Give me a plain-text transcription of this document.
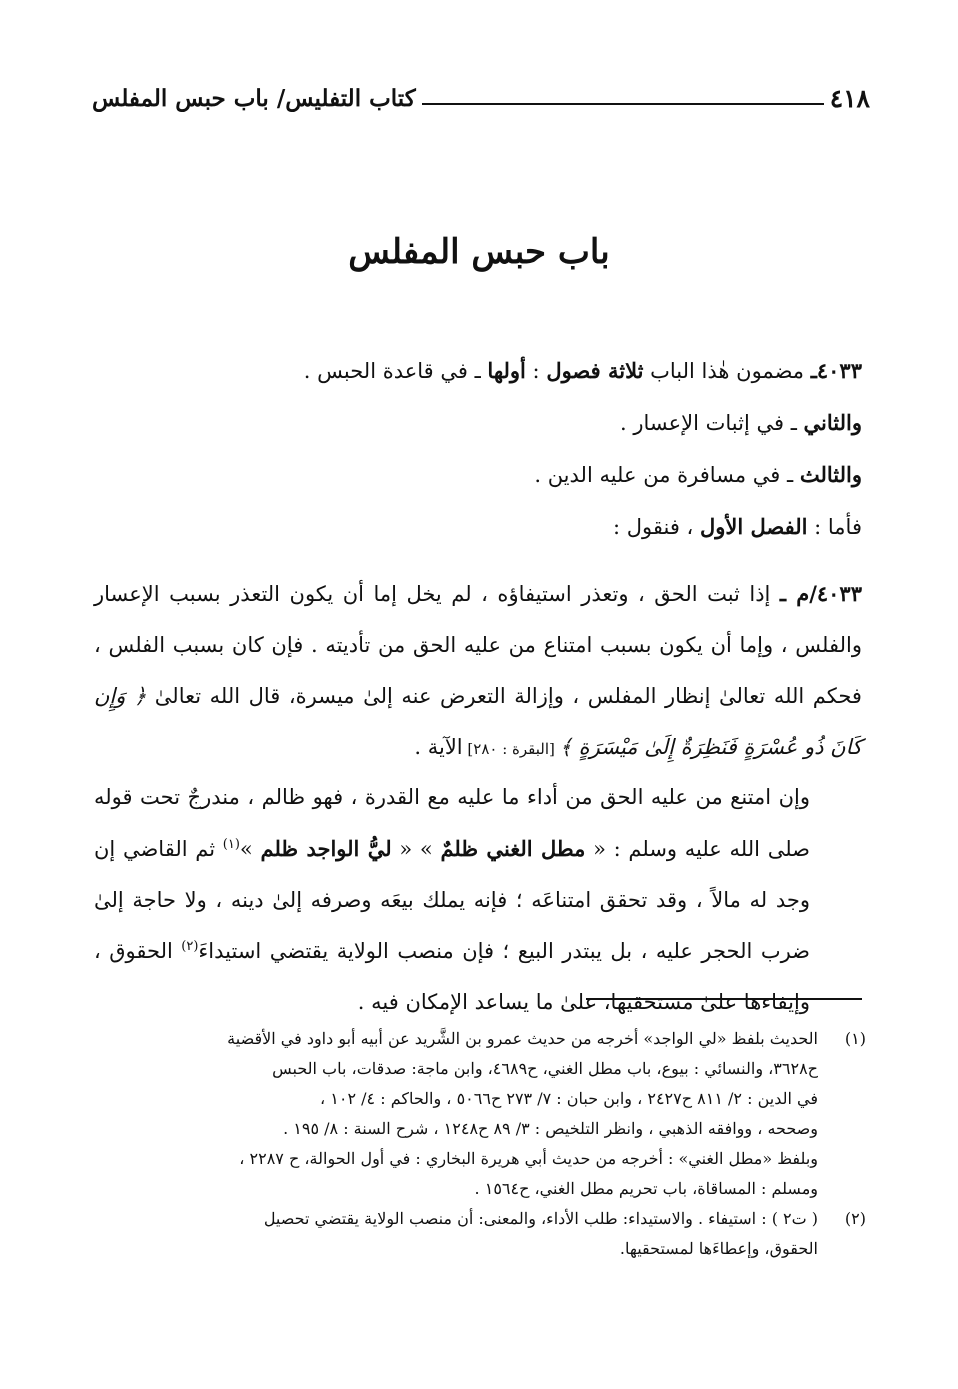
٤١٨
كتاب التفليس/ باب حبس المفلس
باب حبس المفلس

٤٠٣٣ـ مضمون هٰذا الباب ثلاثة فصول : أولها ـ في قاعدة الحبس .

والثاني ـ في إثبات الإعسار .

والثالث ـ في مسافرة من عليه الدين .

فأما : الفصل الأول ، فنقول :

٤٠٣٣/م ـ إذا ثبت الحق ، وتعذر استيفاؤه ، لم يخل إما أن يكون التعذر بسبب الإعسار والفلس ، وإما أن يكون بسبب امتناع من عليه الحق من تأديته . فإن كان بسبب الفلس ، فحكم الله تعالىٰ إنظار المفلس ، وإزالة التعرض عنه إلىٰ ميسرة، قال الله تعالىٰ ﴿ وَإِن كَانَ ذُو عُسْرَةٍ فَنَظِرَةٌ إِلَىٰ مَيْسَرَةٍ ﴾ [البقرة : ٢٨٠] الآية .

وإن امتنع من عليه الحق من أداء ما عليه مع القدرة ، فهو ظالم ، مندرجٌ تحت قوله صلى الله عليه وسلم : « مطل الغني ظلمٌ » « ليُّ الواجد ظلم »$^{(١)}$ ثم القاضي إن وجد له مالاً ، وقد تحقق امتناعَه ؛ فإنه يملك بيعَه وصرفه إلىٰ دينه ، ولا حاجة إلىٰ ضرب الحجر عليه ، بل يبتدر البيع ؛ فإن منصب الولاية يقتضي استيداءَ$^{(٢)}$ الحقوق ، وإيفاءها علىٰ مستحقيها، علىٰ ما يساعد الإمكان فيه .

(١)
الحديث بلفظ «لي الواجد» أخرجه من حديث عمرو بن الشَّريد عن أبيه أبو داود في الأقضية
ح٣٦٢٨، والنسائي : بيوع، باب مطل الغني، ح٤٦٨٩، وابن ماجة: صدقات، باب الحبس
في الدين : ٢/ ٨١١ ح٢٤٢٧ ، وابن حبان : ٧/ ٢٧٣ ح٥٠٦٦ ، والحاكم : ٤/ ١٠٢ ،
وصححه ، ووافقه الذهبي ، وانظر التلخيص : ٣/ ٨٩ ح١٢٤٨ ، شرح السنة : ٨/ ١٩٥ .
وبلفظ «مطل الغني» : أخرجه من حديث أبي هريرة البخاري : في أول الحوالة، ح ٢٢٨٧ ،
ومسلم : المساقاة، باب تحريم مطل الغني، ح١٥٦٤ .
(٢)
( ت٢ ) : استيفاء . والاستيداء: طلب الأداء، والمعنى: أن منصب الولاية يقتضي تحصيل
الحقوق، وإعطاءَها لمستحقيها.
